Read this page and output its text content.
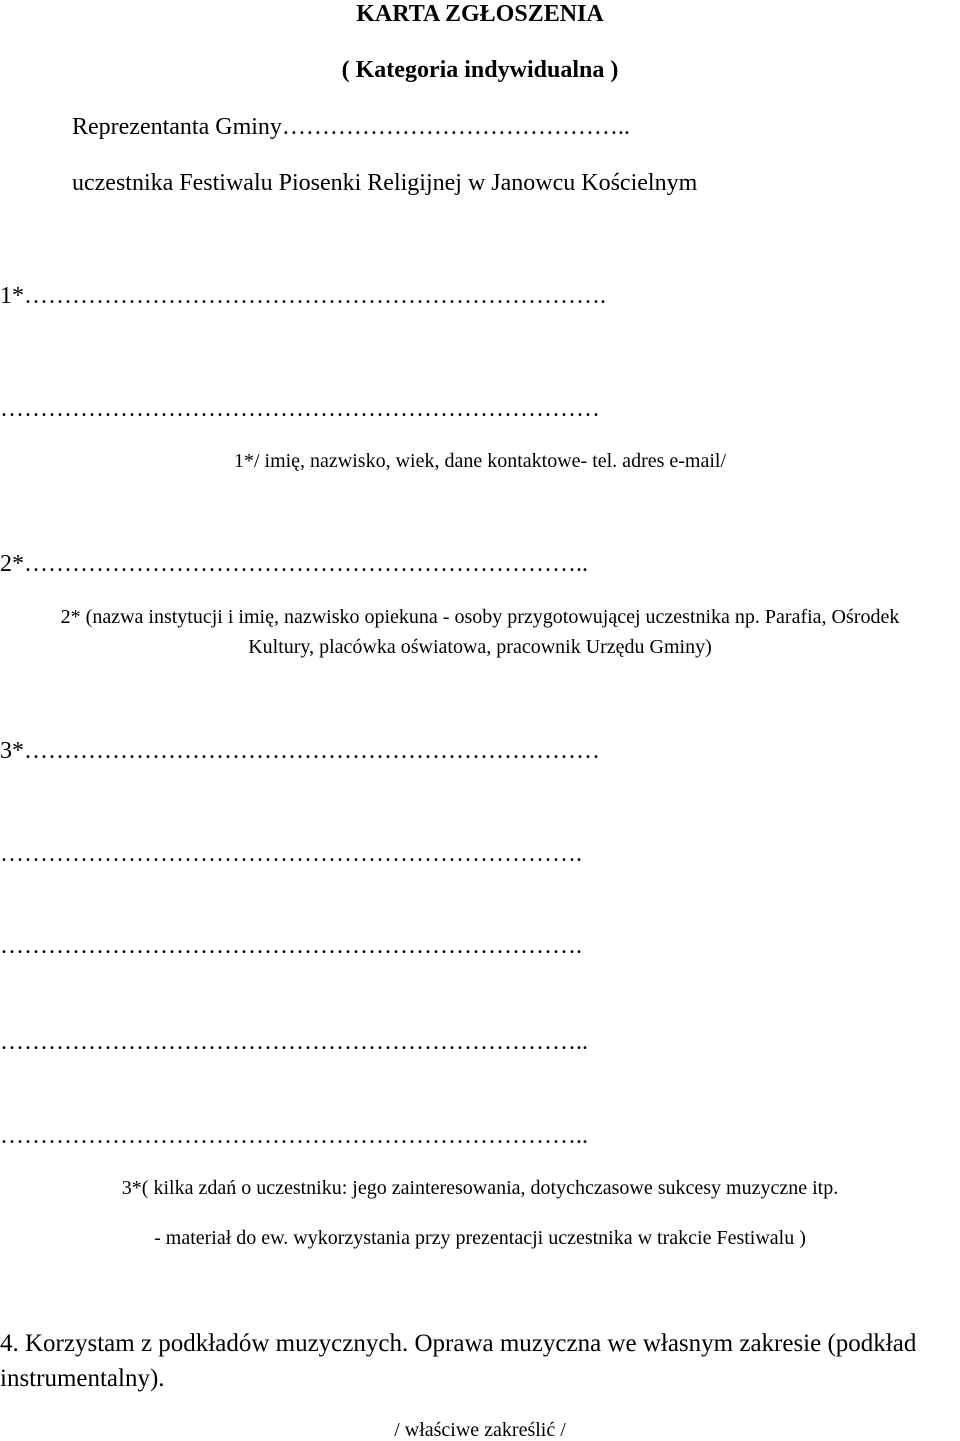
KARTA ZGŁOSZENIA
( Kategoria indywidualna )
Reprezentanta Gminy……………………………………..
uczestnika Festiwalu Piosenki Religijnej w Janowcu Kościelnym
1*……………………………………………………………….
…………………………………………………………………
1*/ imię, nazwisko, wiek, dane kontaktowe- tel. adres e-mail/
2*……………………………………………………………..
2* (nazwa instytucji i imię, nazwisko opiekuna - osoby przygotowującej uczestnika np. Parafia, Ośrodek
Kultury, placówka oświatowa, pracownik Urzędu Gminy)
3*………………………………………………………………
……………………………………………………………….
……………………………………………………………….
………………………………………………………………..
………………………………………………………………..
3*( kilka zdań o uczestniku: jego zainteresowania, dotychczasowe sukcesy muzyczne itp.
- materiał do ew. wykorzystania przy prezentacji uczestnika w trakcie Festiwalu )
4. Korzystam z podkładów muzycznych. Oprawa muzyczna we własnym zakresie (podkład instrumentalny).
/ właściwe zakreślić /
